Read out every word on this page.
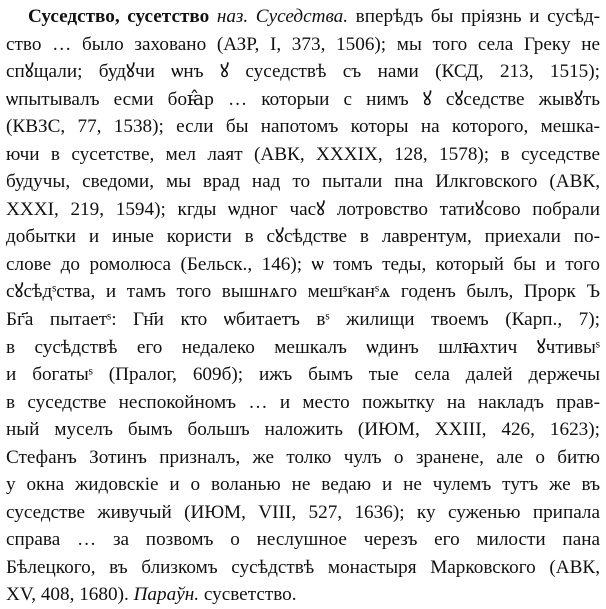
Суседство, сусетство наз. Суседства. вперѣдъ бы пріязнь и сусѣд-
ство … было заховано (АЗР, I, 373, 1506); мы того села Греку не
спꙋщали; будꙋчи ѡнъ ꙋ суседствѣ съ нами (КСД, 213, 1515);
ѡпытывалъ есми боꙗ̂р … которыи с нимъ ꙋ сꙋседстве жывꙋть
(КВЗС, 77, 1538); если бы напотомъ которы на которого, мешка-
ючи в сусетстве, мел лаят (АВК, XXXIX, 128, 1578); в суседстве
будучы, сведоми, мы врад над то пытали пна Илкговского (АВК,
XXXI, 219, 1594); кгды ѡдног часꙋ лотровство татиꙋсово побрали
добытки и иные користи в сꙋсѣдстве в лаврентум, приехали по-
слове до ромолюса (Бельск., 146); ѡ томъ теды, который бы и того
сꙋсѣдˢства, и тамъ того вышнѧго мешˢканˢѧ годенъ былъ, Прорк Ъ
Бг҃а пытаетˢ: Гн҃и кто ѡбитаетъ вˢ жилищи твоемъ (Карп., 7);
в сусѣдствѣ его недалеко мешкалъ ѡдинъ шлꙗхтич ꙋчтивыˢ
и богатыˢ (Пралог, 609б); ижъ бымъ тые села далей держечы
в суседстве неспокойномъ … и место пожытку на накладъ прав-
ный муселъ бымъ большъ наложить (ИЮМ, XXIII, 426, 1623);
Стефанъ Зотинъ призналъ, же толко чулъ о зранене, але о битю
у окна жидовскіе и о воланью не ведаю и не чулемъ тутъ же въ
суседстве живучый (ИЮМ, VIII, 527, 1636); ку суженью припала
справа … за позвомъ о неслушное черезъ его милости пана
Бѣлецкого, въ близкомъ сусѣдствѣ монастыря Марковского (АВК,
XV, 408, 1680). Параўн. сусветство.
